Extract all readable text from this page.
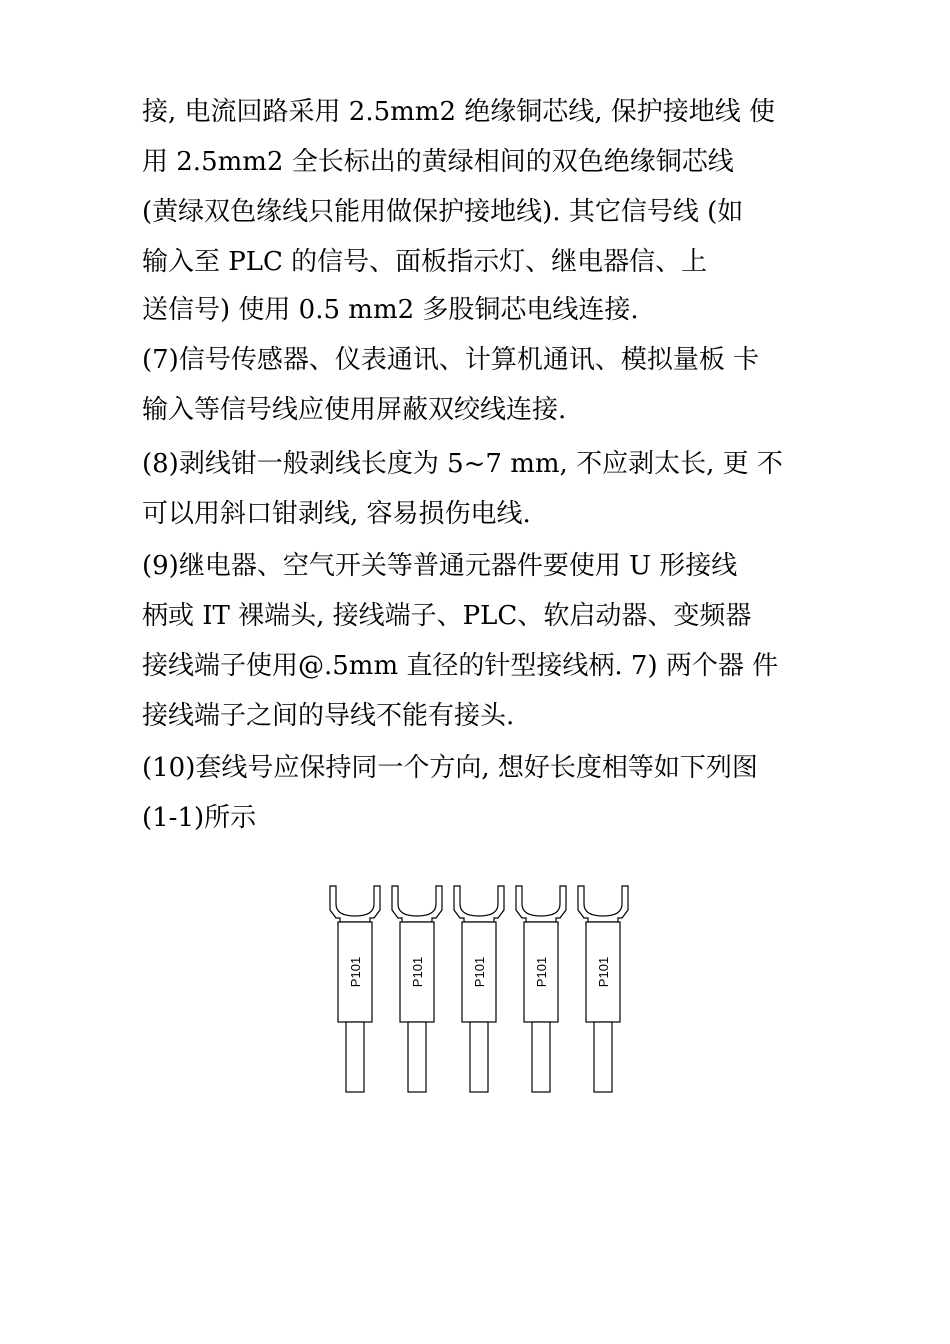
接, 电流回路采用 2.5mm2 绝缘铜芯线, 保护接地线 使
用 2.5mm2 全长标出的黄绿相间的双色绝缘铜芯线
(黄绿双色缘线只能用做保护接地线). 其它信号线 (如
输入至 PLC 的信号、面板指示灯、继电器信、上
送信号) 使用 0.5 mm2 多股铜芯电线连接.
(7)信号传感器、仪表通讯、计算机通讯、模拟量板 卡
输入等信号线应使用屏蔽双绞线连接.
(8)剥线钳一般剥线长度为 5~7 mm, 不应剥太长, 更 不
可以用斜口钳剥线, 容易损伤电线.
(9)继电器、空气开关等普通元器件要使用 U 形接线
柄或 IT 裸端头, 接线端子、PLC、软启动器、变频器
接线端子使用@.5mm 直径的针型接线柄. 7) 两个器 件
接线端子之间的导线不能有接头.
(10)套线号应保持同一个方向, 想好长度相等如下列图
(1-1)所示
P101	P101	P101	P101	P101
